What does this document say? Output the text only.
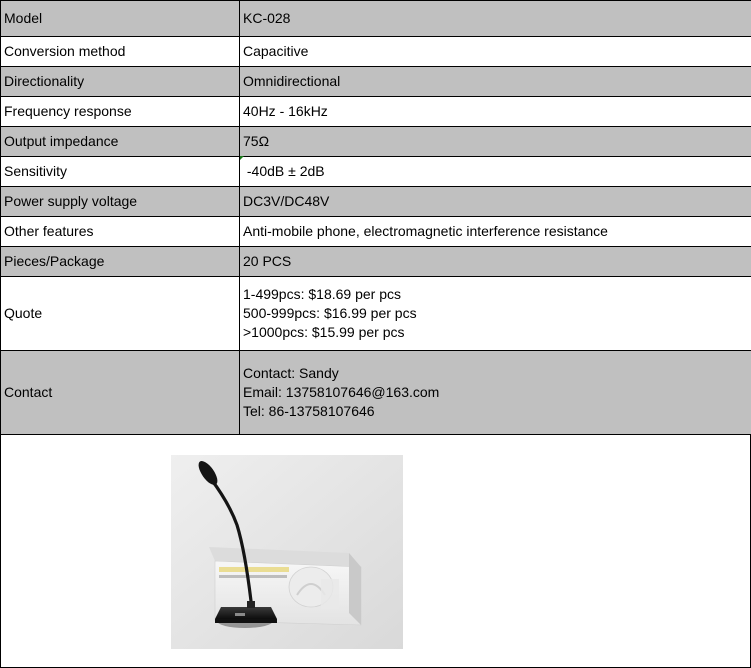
Model	KC-028
Conversion method	Capacitive
Directionality	Omnidirectional
Frequency response	40Hz - 16kHz
Output impedance	75Ω
Sensitivity	-40dB ± 2dB
Power supply voltage	DC3V/DC48V
Other features	Anti-mobile phone, electromagnetic interference resistance
Pieces/Package	20 PCS
Quote	1-499pcs: $18.69 per pcs
500-999pcs: $16.99 per pcs
>1000pcs: $15.99 per pcs

Contact	Contact: Sandy
Email: 13758107646@163.com
Tel: 86-13758107646
